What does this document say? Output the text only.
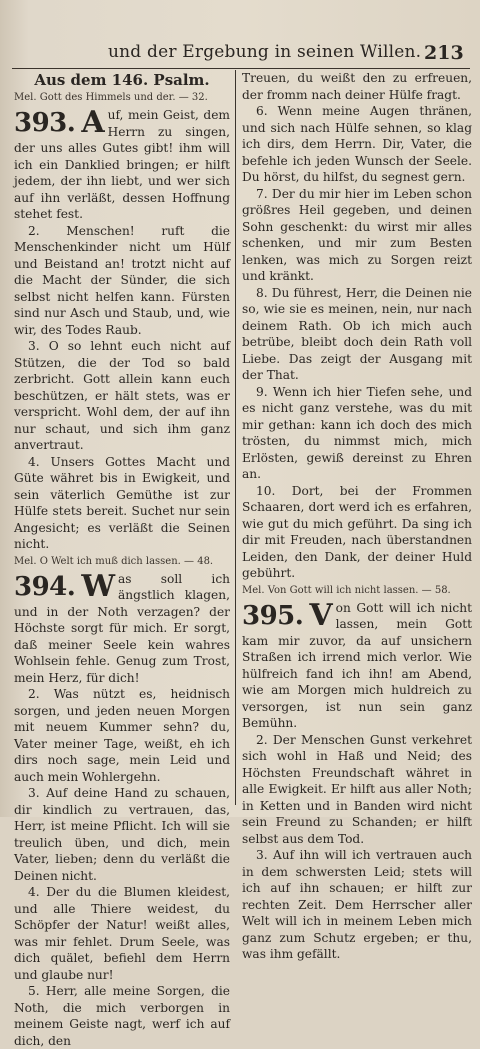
und der Ergebung in seinen Willen. 213
Aus dem 146. Psalm.
Mel. Gott des Himmels und der. — 32.
393. A uf, mein Geist, dem Herrn zu singen, der uns alles Gutes gibt! ihm will ich ein Danklied bringen; er hilft jedem, der ihn liebt, und wer sich auf ihn verläßt, dessen Hoffnung stehet fest.

2. Menschen! ruft die Menschenkinder nicht um Hülf und Beistand an! trotzt nicht auf die Macht der Sünder, die sich selbst nicht helfen kann. Fürsten sind nur Asch und Staub, und, wie wir, des Todes Raub.

3. O so lehnt euch nicht auf Stützen, die der Tod so bald zerbricht. Gott allein kann euch beschützen, er hält stets, was er verspricht. Wohl dem, der auf ihn nur schaut, und sich ihm ganz anvertraut.

4. Unsers Gottes Macht und Güte währet bis in Ewigkeit, und sein väterlich Gemüthe ist zur Hülfe stets bereit. Suchet nur sein Angesicht; es verläßt die Seinen nicht.

Mel. O Welt ich muß dich lassen. — 48.
394. W as soll ich ängstlich klagen, und in der Noth verzagen? der Höchste sorgt für mich. Er sorgt, daß meiner Seele kein wahres Wohlsein fehle. Genug zum Trost, mein Herz, für dich!

2. Was nützt es, heidnisch sorgen, und jeden neuen Morgen mit neuem Kummer sehn? du, Vater meiner Tage, weißt, eh ich dirs noch sage, mein Leid und auch mein Wohlergehn.

3. Auf deine Hand zu schauen, dir kindlich zu vertrauen, das, Herr, ist meine Pflicht. Ich will sie treulich üben, und dich, mein Vater, lieben; denn du verläßt die Deinen nicht.

4. Der du die Blumen kleidest, und alle Thiere weidest, du Schöpfer der Natur! weißt alles, was mir fehlet. Drum Seele, was dich quälet, befiehl dem Herrn und glaube nur!

5. Herr, alle meine Sorgen, die Noth, die mich verborgen in meinem Geiste nagt, werf ich auf dich, den

Treuen, du weißt den zu erfreuen, der fromm nach deiner Hülfe fragt.

6. Wenn meine Augen thränen, und sich nach Hülfe sehnen, so klag ich dirs, dem Herrn. Dir, Vater, die befehle ich jeden Wunsch der Seele. Du hörst, du hilfst, du segnest gern.

7. Der du mir hier im Leben schon größres Heil gegeben, und deinen Sohn geschenkt: du wirst mir alles schenken, und mir zum Besten lenken, was mich zu Sorgen reizt und kränkt.

8. Du führest, Herr, die Deinen nie so, wie sie es meinen, nein, nur nach deinem Rath. Ob ich mich auch betrübe, bleibt doch dein Rath voll Liebe. Das zeigt der Ausgang mit der That.

9. Wenn ich hier Tiefen sehe, und es nicht ganz verstehe, was du mit mir gethan: kann ich doch des mich trösten, du nimmst mich, mich Erlösten, gewiß dereinst zu Ehren an.

10. Dort, bei der Frommen Schaaren, dort werd ich es erfahren, wie gut du mich geführt. Da sing ich dir mit Freuden, nach überstandnen Leiden, den Dank, der deiner Huld gebührt.

Mel. Von Gott will ich nicht lassen. — 58.
395. V on Gott will ich nicht lassen, mein Gott kam mir zuvor, da auf unsichern Straßen ich irrend mich verlor. Wie hülfreich fand ich ihn! am Abend, wie am Morgen mich huldreich zu versorgen, ist nun sein ganz Bemühn.

2. Der Menschen Gunst verkehret sich wohl in Haß und Neid; des Höchsten Freundschaft währet in alle Ewigkeit. Er hilft aus aller Noth; in Ketten und in Banden wird nicht sein Freund zu Schanden; er hilft selbst aus dem Tod.

3. Auf ihn will ich vertrauen auch in dem schwersten Leid; stets will ich auf ihn schauen; er hilft zur rechten Zeit. Dem Herrscher aller Welt will ich in meinem Leben mich ganz zum Schutz ergeben; er thu, was ihm gefällt.
